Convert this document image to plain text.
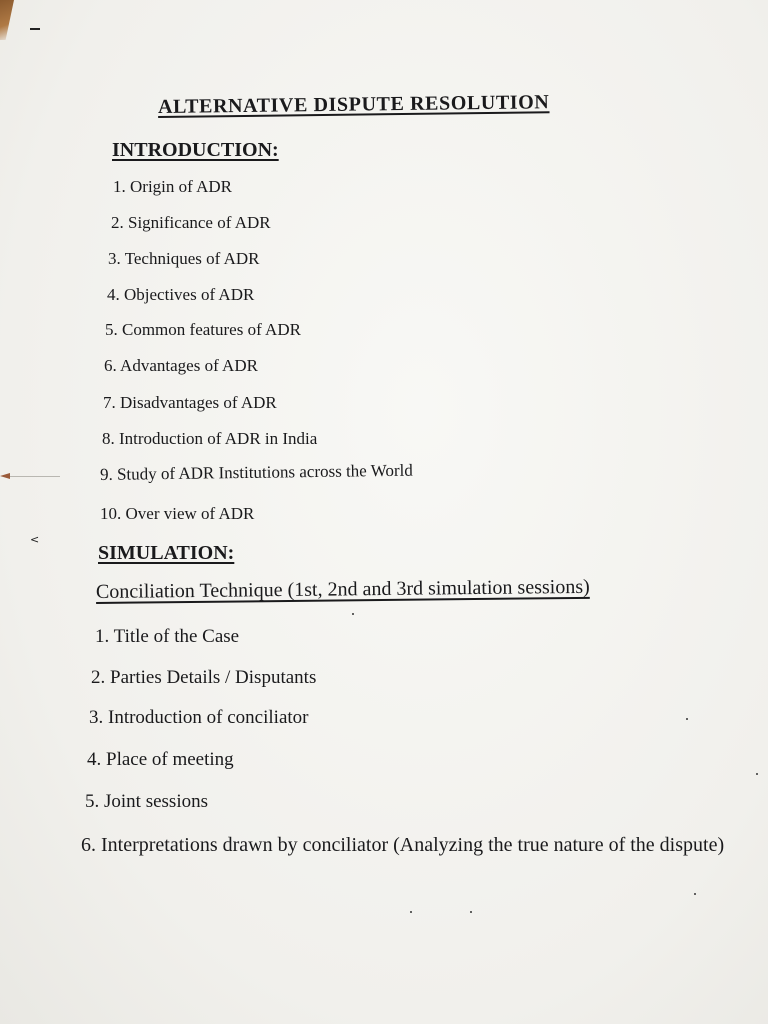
<
ALTERNATIVE DISPUTE RESOLUTION
INTRODUCTION:
1. Origin of ADR
2. Significance of ADR
3. Techniques of ADR
4. Objectives of ADR
5. Common features of ADR
6. Advantages of ADR
7. Disadvantages of ADR
8. Introduction of ADR in India
9. Study of ADR Institutions across the World
10. Over view of ADR
SIMULATION:
Conciliation Technique (1st, 2nd and 3rd simulation sessions)
1. Title of the Case
2. Parties Details / Disputants
3. Introduction of conciliator
4. Place of meeting
5. Joint sessions
6. Interpretations drawn by conciliator (Analyzing the true nature of the dispute)
